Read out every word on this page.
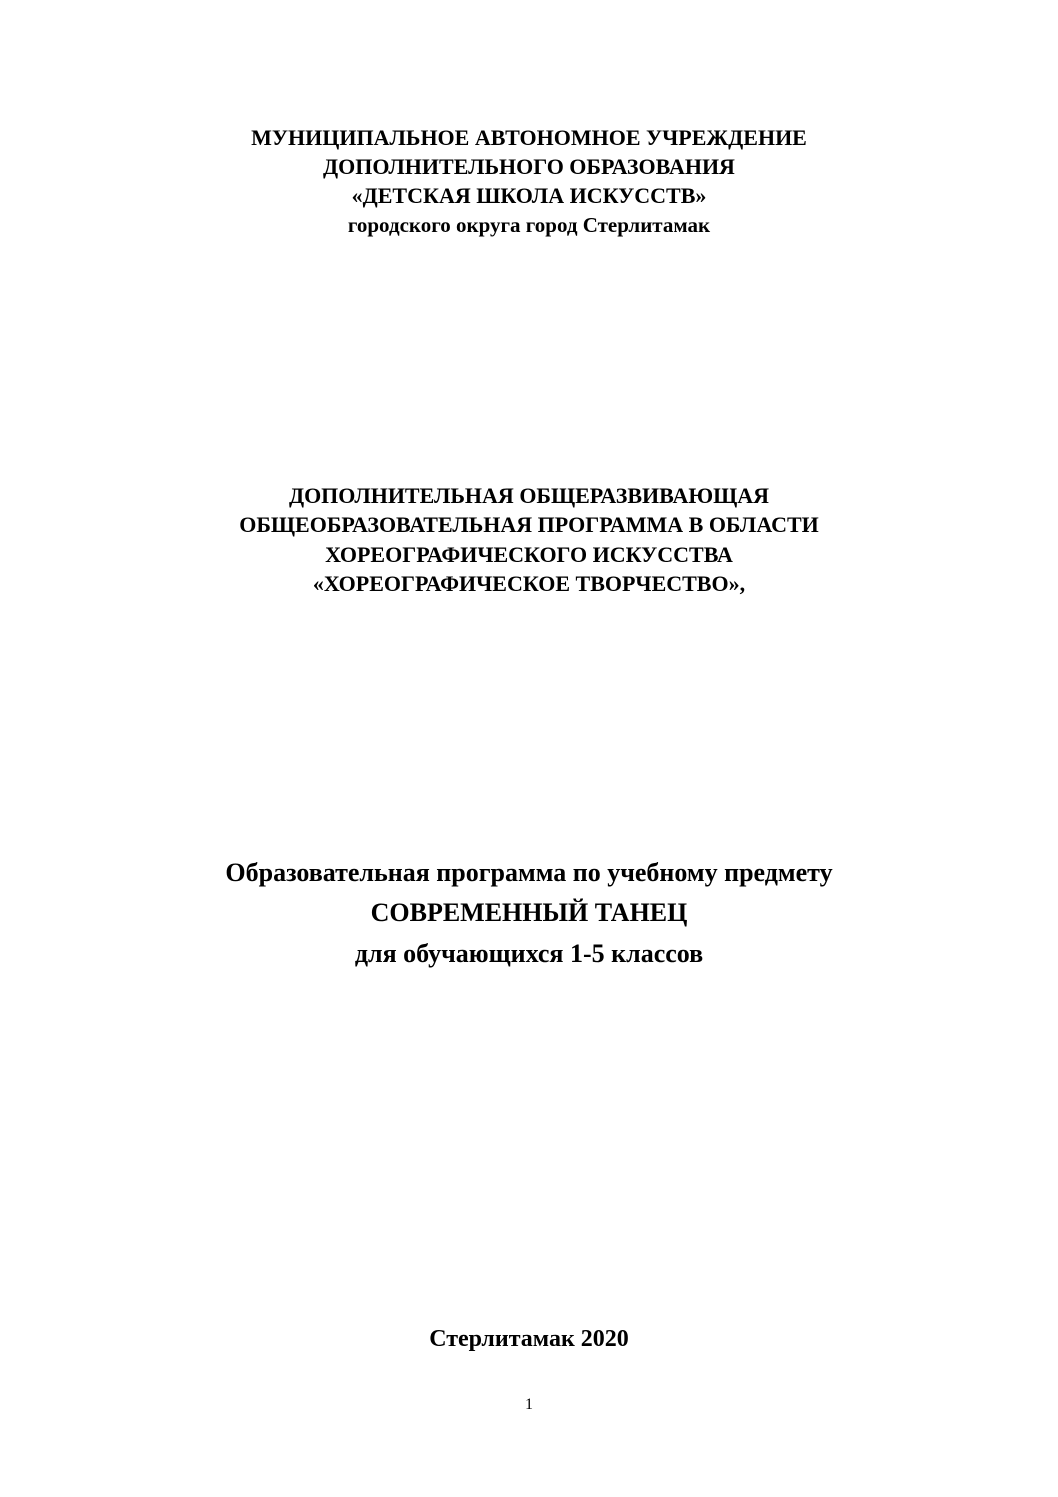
МУНИЦИПАЛЬНОЕ АВТОНОМНОЕ УЧРЕЖДЕНИЕ
ДОПОЛНИТЕЛЬНОГО ОБРАЗОВАНИЯ
«ДЕТСКАЯ ШКОЛА ИСКУССТВ»
городского округа город Стерлитамак
ДОПОЛНИТЕЛЬНАЯ ОБЩЕРАЗВИВАЮЩАЯ
ОБЩЕОБРАЗОВАТЕЛЬНАЯ ПРОГРАММА В ОБЛАСТИ
ХОРЕОГРАФИЧЕСКОГО ИСКУССТВА
«ХОРЕОГРАФИЧЕСКОЕ ТВОРЧЕСТВО»,
Образовательная программа по учебному предмету
СОВРЕМЕННЫЙ ТАНЕЦ
для обучающихся 1-5 классов
Стерлитамак 2020
1
